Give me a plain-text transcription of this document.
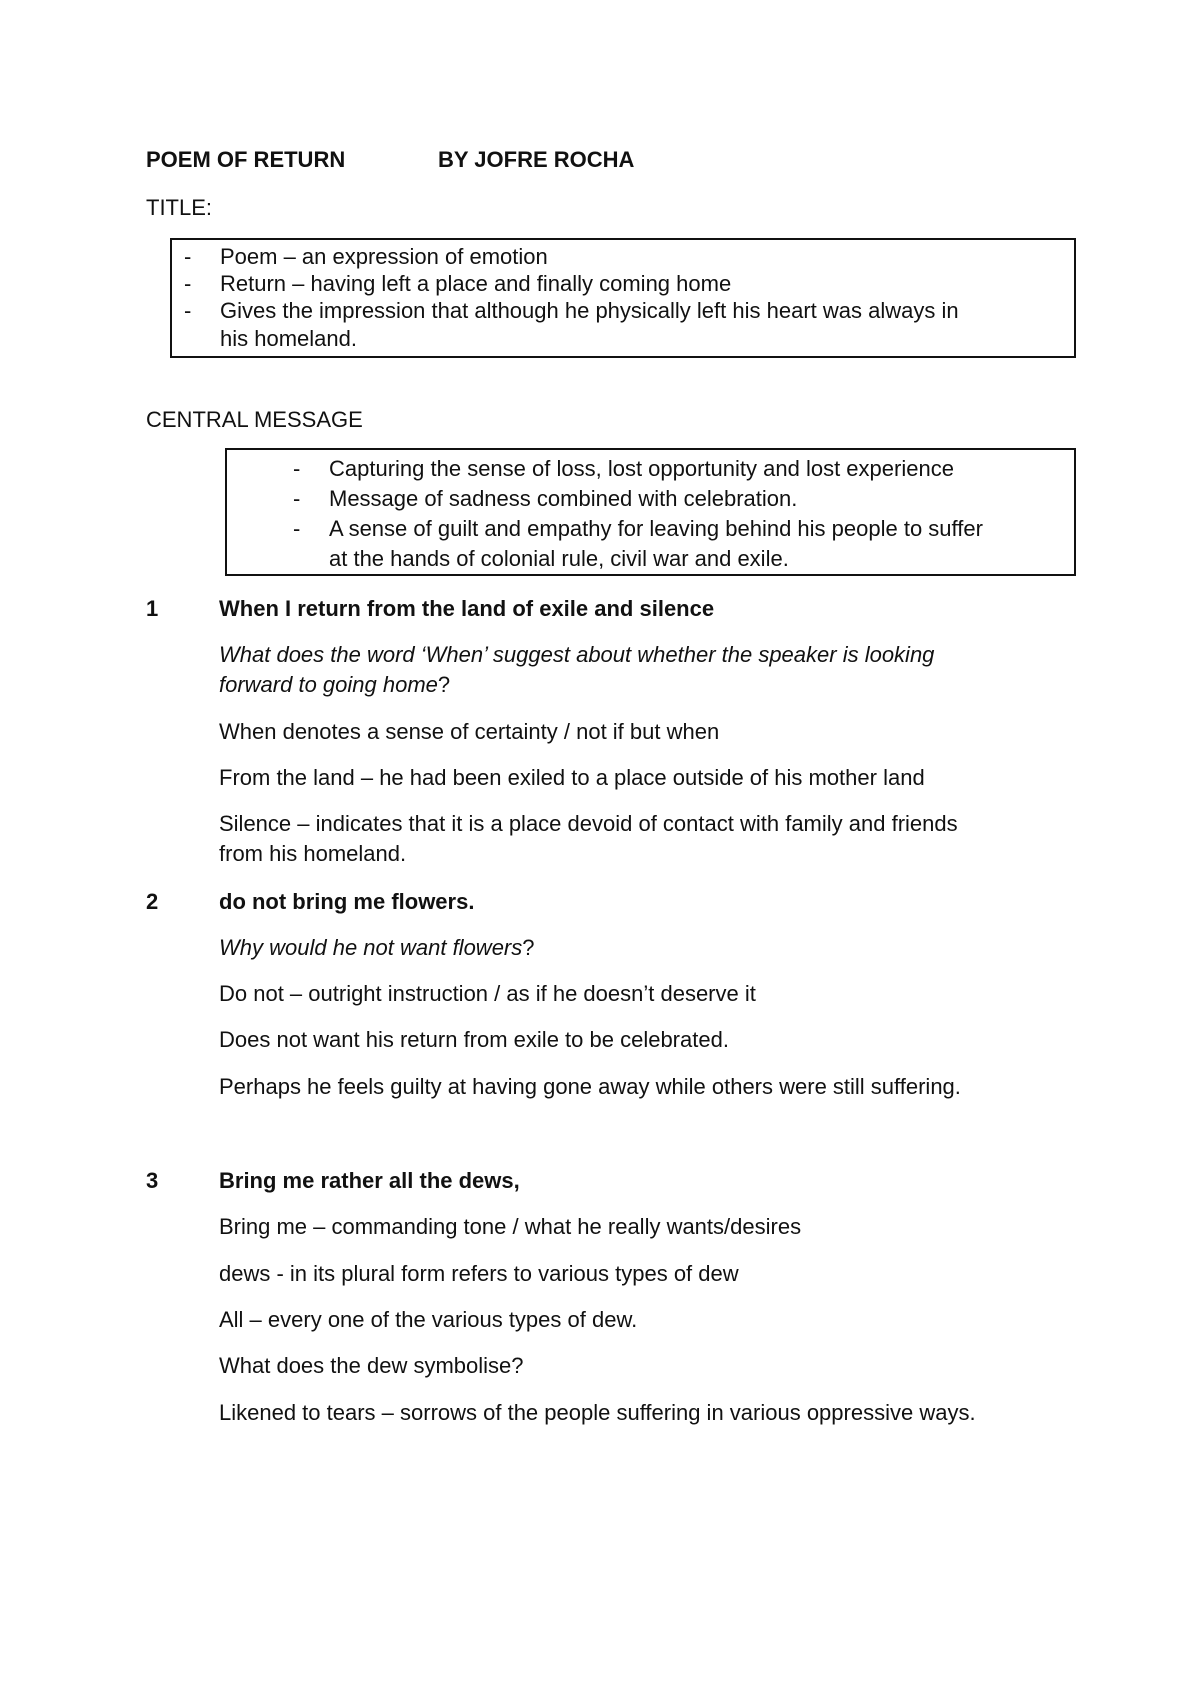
POEM OF RETURN	BY JOFRE ROCHA
TITLE:
- Poem – an expression of emotion
- Return – having left a place and finally coming home
- Gives the impression that although he physically left his heart was always in
his homeland.
CENTRAL MESSAGE
- Capturing the sense of loss, lost opportunity and lost experience
- Message of sadness combined with celebration.
- A sense of guilt and empathy for leaving behind his people to suffer
at the hands of colonial rule, civil war and exile.
1	When I return from the land of exile and silence
What does the word ‘When’ suggest about whether the speaker is looking
forward to going home?
When denotes a sense of certainty / not if but when
From the land – he had been exiled to a place outside of his mother land
Silence – indicates that it is a place devoid of contact with family and friends
from his homeland.
2	do not bring me flowers.
Why would he not want flowers?
Do not – outright instruction / as if he doesn’t deserve it
Does not want his return from exile to be celebrated.
Perhaps he feels guilty at having gone away while others were still suffering.
3	Bring me rather all the dews,
Bring me – commanding tone / what he really wants/desires
dews - in its plural form refers to various types of dew
All – every one of the various types of dew.
What does the dew symbolise?
Likened to tears – sorrows of the people suffering in various oppressive ways.
